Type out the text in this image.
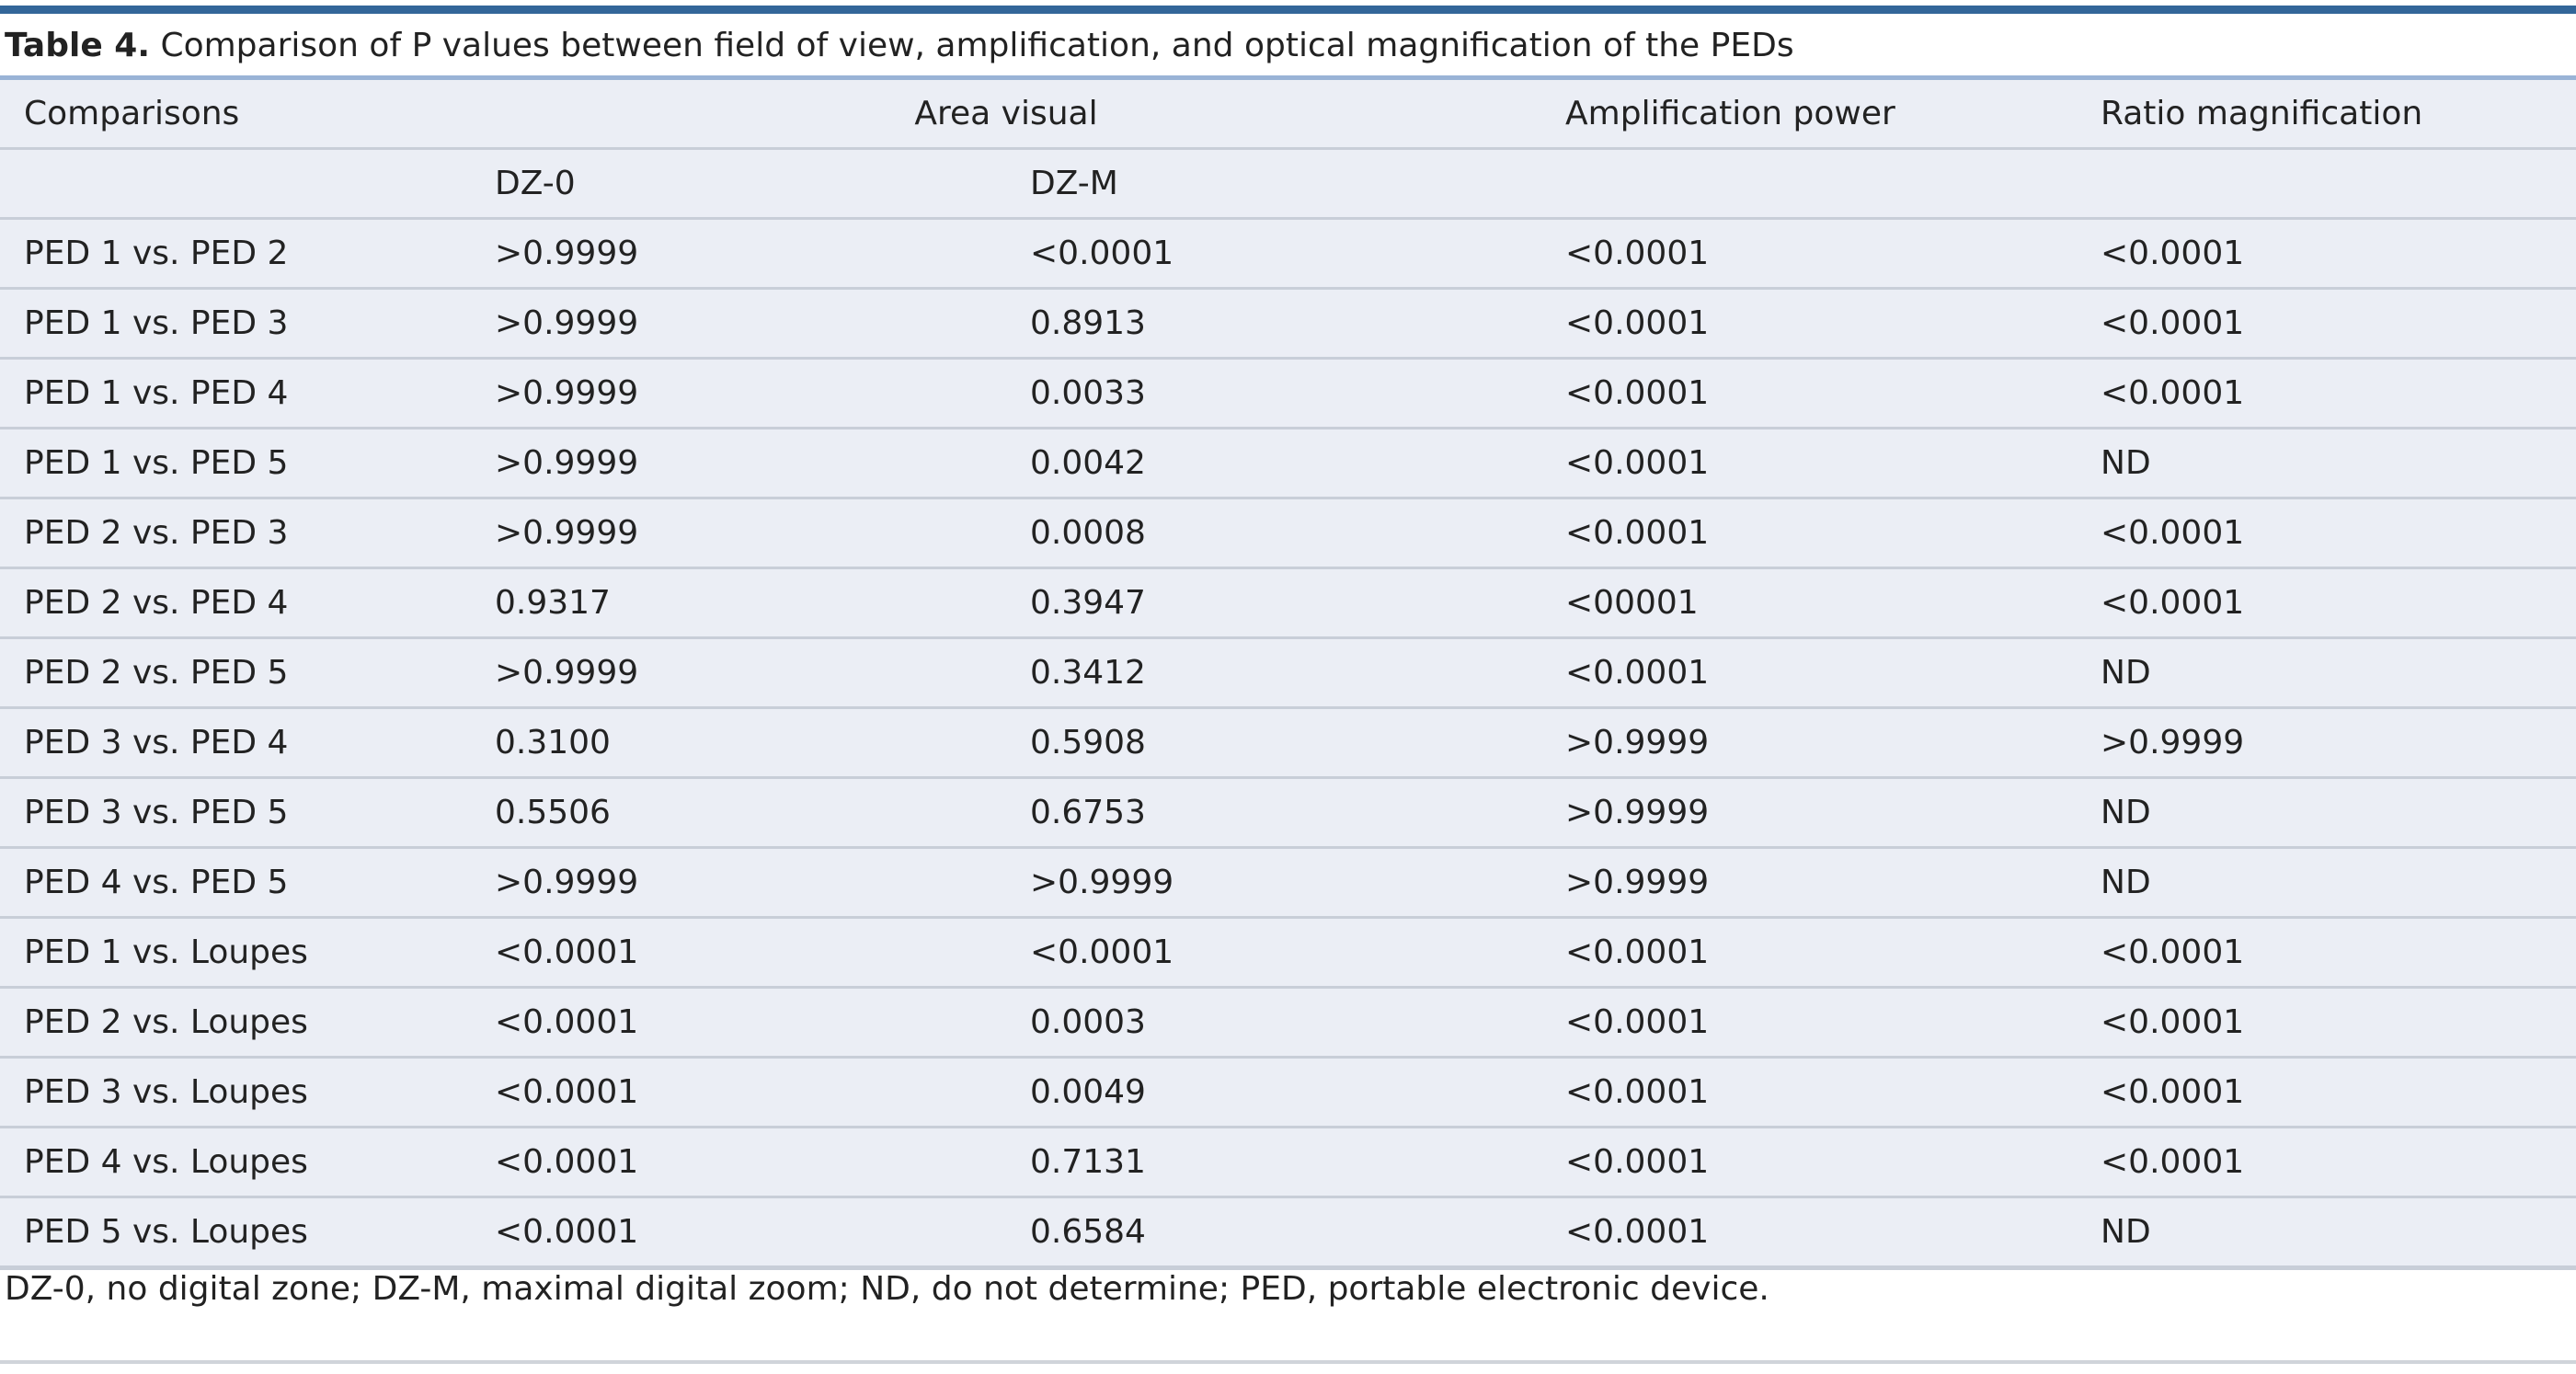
Table 4. Comparison of P values between field of view, amplification, and optical magnification of the PEDs
Comparisons	Area visual		Amplification power	Ratio magnification
	DZ-0	DZ-M		
PED 1 vs. PED 2	>0.9999	<0.0001	<0.0001	<0.0001
PED 1 vs. PED 3	>0.9999	0.8913	<0.0001	<0.0001
PED 1 vs. PED 4	>0.9999	0.0033	<0.0001	<0.0001
PED 1 vs. PED 5	>0.9999	0.0042	<0.0001	ND
PED 2 vs. PED 3	>0.9999	0.0008	<0.0001	<0.0001
PED 2 vs. PED 4	0.9317	0.3947	<00001	<0.0001
PED 2 vs. PED 5	>0.9999	0.3412	<0.0001	ND
PED 3 vs. PED 4	0.3100	0.5908	>0.9999	>0.9999
PED 3 vs. PED 5	0.5506	0.6753	>0.9999	ND
PED 4 vs. PED 5	>0.9999	>0.9999	>0.9999	ND
PED 1 vs. Loupes	<0.0001	<0.0001	<0.0001	<0.0001
PED 2 vs. Loupes	<0.0001	0.0003	<0.0001	<0.0001
PED 3 vs. Loupes	<0.0001	0.0049	<0.0001	<0.0001
PED 4 vs. Loupes	<0.0001	0.7131	<0.0001	<0.0001
PED 5 vs. Loupes	<0.0001	0.6584	<0.0001	ND
DZ-0, no digital zone; DZ-M, maximal digital zoom; ND, do not determine; PED, portable electronic device.
